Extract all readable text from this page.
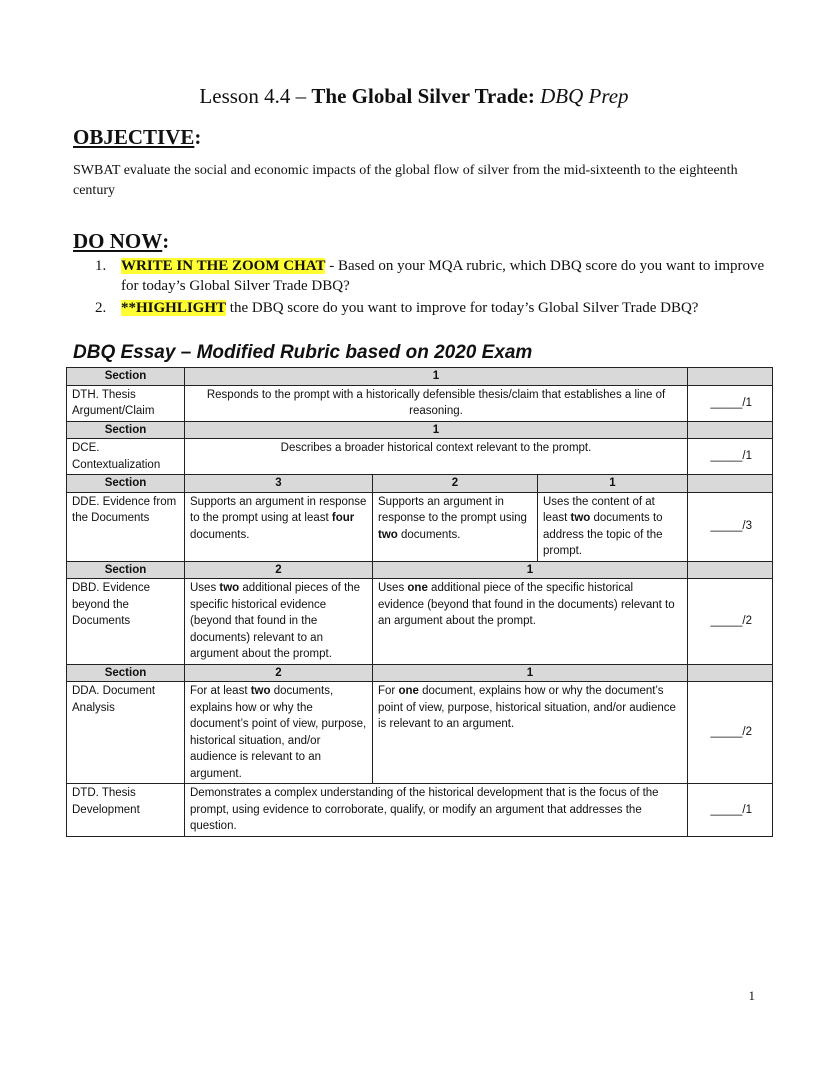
Lesson 4.4 – The Global Silver Trade: DBQ Prep
OBJECTIVE:
SWBAT evaluate the social and economic impacts of the global flow of silver from the mid-sixteenth to the eighteenth century
DO NOW:
1. WRITE IN THE ZOOM CHAT - Based on your MQA rubric, which DBQ score do you want to improve for today’s Global Silver Trade DBQ?
2. **HIGHLIGHT the DBQ score do you want to improve for today’s Global Silver Trade DBQ?
DBQ Essay – Modified Rubric based on 2020 Exam
Section	1			
DTH. Thesis Argument/Claim	Responds to the prompt with a historically defensible thesis/claim that establishes a line of reasoning.			_____/1
Section	1			
DCE. Contextualization	Describes a broader historical context relevant to the prompt.			_____/1
Section	3	2	1	
DDE. Evidence from the Documents	Supports an argument in response to the prompt using at least four documents.	Supports an argument in response to the prompt using two documents.	Uses the content of at least two documents to address the topic of the prompt.	_____/3
Section	2	1		
DBD. Evidence beyond the Documents	Uses two additional pieces of the specific historical evidence (beyond that found in the documents) relevant to an argument about the prompt.	Uses one additional piece of the specific historical evidence (beyond that found in the documents) relevant to an argument about the prompt.		_____/2
Section	2	1		
DDA. Document Analysis	For at least two documents, explains how or why the document’s point of view, purpose, historical situation, and/or audience is relevant to an argument.	For one document, explains how or why the document’s point of view, purpose, historical situation, and/or audience is relevant to an argument.		_____/2
DTD. Thesis Development	Demonstrates a complex understanding of the historical development that is the focus of the prompt, using evidence to corroborate, qualify, or modify an argument that addresses the question.			_____/1
1
